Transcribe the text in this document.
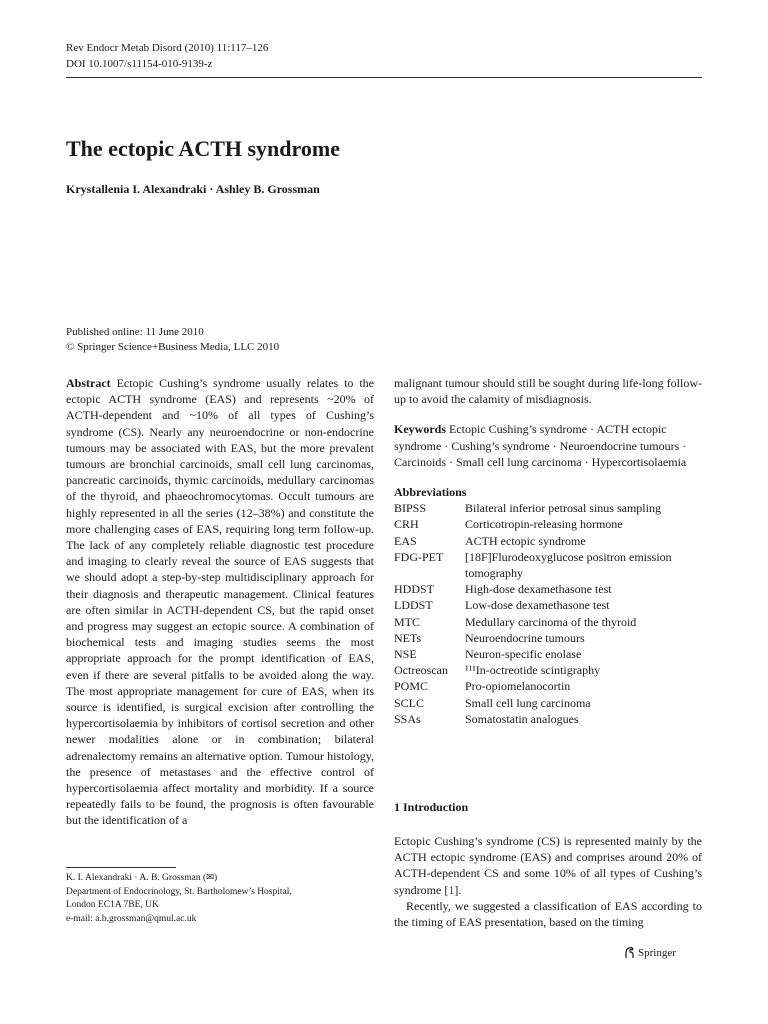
Rev Endocr Metab Disord (2010) 11:117–126
DOI 10.1007/s11154-010-9139-z
The ectopic ACTH syndrome
Krystallenia I. Alexandraki · Ashley B. Grossman
Published online: 11 June 2010
© Springer Science+Business Media, LLC 2010

Abstract Ectopic Cushing’s syndrome usually relates to the ectopic ACTH syndrome (EAS) and represents ~20% of ACTH-dependent and ~10% of all types of Cushing’s syndrome (CS). Nearly any neuroendocrine or non-endocrine tumours may be associated with EAS, but the more prevalent tumours are bronchial carcinoids, small cell lung carcinomas, pancreatic carcinoids, thymic carcinoids, medullary carcinomas of the thyroid, and phaeochromocytomas. Occult tumours are highly represented in all the series (12–38%) and constitute the more challenging cases of EAS, requiring long term follow-up. The lack of any completely reliable diagnostic test procedure and imaging to clearly reveal the source of EAS suggests that we should adopt a step-by-step multidisciplinary approach for their diagnosis and therapeutic management. Clinical features are often similar in ACTH-dependent CS, but the rapid onset and progress may suggest an ectopic source. A combination of biochemical tests and imaging studies seems the most appropriate approach for the prompt identification of EAS, even if there are several pitfalls to be avoided along the way. The most appropriate management for cure of EAS, when its source is identified, is surgical excision after controlling the hypercortisolaemia by inhibitors of cortisol secretion and other newer modalities alone or in combination; bilateral adrenalectomy remains an alternative option. Tumour histology, the presence of metastases and the effective control of hypercortisolaemia affect mortality and morbidity. If a source repeatedly fails to be found, the prognosis is often favourable but the identification of a

malignant tumour should still be sought during life-long follow-up to avoid the calamity of misdiagnosis.

Keywords Ectopic Cushing’s syndrome · ACTH ectopic syndrome · Cushing’s syndrome · Neuroendocrine tumours · Carcinoids · Small cell lung carcinoma · Hypercortisolaemia

Abbreviations
BIPSS	Bilateral inferior petrosal sinus sampling
CRH	Corticotropin-releasing hormone
EAS	ACTH ectopic syndrome
FDG-PET	[18F]Flurodeoxyglucose positron emission tomography
HDDST	High-dose dexamethasone test
LDDST	Low-dose dexamethasone test
MTC	Medullary carcinoma of the thyroid
NETs	Neuroendocrine tumours
NSE	Neuron-specific enolase
Octreoscan	¹¹¹In-octreotide scintigraphy
POMC	Pro-opiomelanocortin
SCLC	Small cell lung carcinoma
SSAs	Somatostatin analogues
1 Introduction

Ectopic Cushing’s syndrome (CS) is represented mainly by the ACTH ectopic syndrome (EAS) and comprises around 20% of ACTH-dependent CS and some 10% of all types of Cushing’s syndrome [1].

Recently, we suggested a classification of EAS according to the timing of EAS presentation, based on the timing

K. I. Alexandraki · A. B. Grossman (✉)
Department of Endocrinology, St. Bartholomew’s Hospital,
London EC1A 7BE, UK
e-mail: a.b.grossman@qmul.ac.uk
Springer
